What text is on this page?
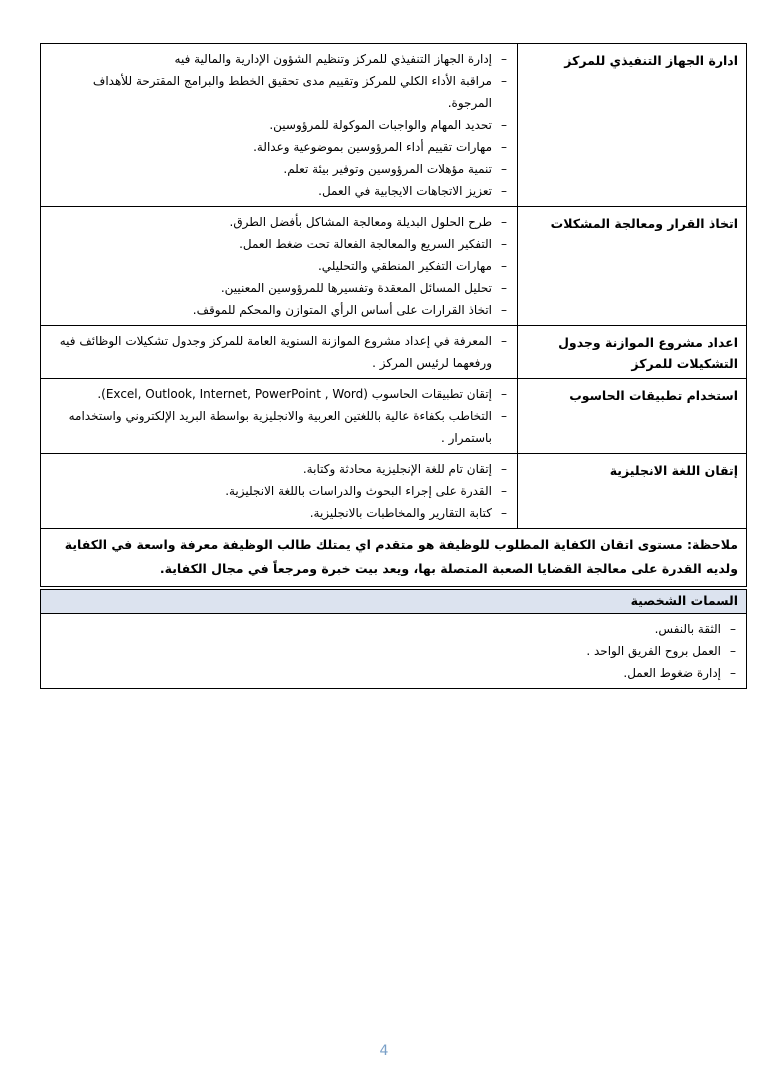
ادارة الجهاز التنفيذي للمركز	
–
إدارة الجهاز التنفيذي للمركز وتنظيم الشؤون الإدارية والمالية فيه
–
مراقبة الأداء الكلي للمركز وتقييم مدى تحقيق الخطط والبرامج المقترحة للأهداف المرجوة.
–
تحديد المهام والواجبات الموكولة للمرؤوسين.
–
مهارات تقييم أداء المرؤوسين بموضوعية وعدالة.
–
تنمية مؤهلات المرؤوسين وتوفير بيئة تعلم.
–
تعزيز الاتجاهات الايجابية في العمل.

اتخاذ القرار ومعالجة المشكلات	
–
طرح الحلول البديلة ومعالجة المشاكل بأفضل الطرق.
–
التفكير السريع والمعالجة الفعالة تحت ضغط العمل.
–
مهارات التفكير المنطقي والتحليلي.
–
تحليل المسائل المعقدة وتفسيرها للمرؤوسين المعنيين.
–
اتخاذ القرارات على أساس الرأي المتوازن والمحكم للموقف.

اعداد مشروع الموازنة وجدول التشكيلات للمركز	–
المعرفة في إعداد مشروع الموازنة السنوية العامة للمركز وجدول تشكيلات الوظائف فيه ورفعهما لرئيس المركز .

استخدام تطبيقات الحاسوب	–
إتقان تطبيقات الحاسوب (Excel, Outlook, Internet, PowerPoint , Word).
–
التخاطب بكفاءة عالية باللغتين العربية والانجليزية بواسطة البريد الإلكتروني واستخدامه باستمرار .

إتقان اللغة الانجليزية	
–
إتقان تام للغة الإنجليزية محادثة وكتابة.
–
القدرة على إجراء البحوث والدراسات باللغة الانجليزية.
–
كتابة التقارير والمخاطبات بالانجليزية.

ملاحظة: مستوى اتقان الكفاية المطلوب للوظيفة هو متقدم اي يمتلك طالب الوظيفة معرفة واسعة في الكفاية ولديه القدرة على معالجة القضايا الصعبة المتصلة بها، ويعد بيت خبرة ومرجعاً في مجال الكفاية.	
السمات الشخصية

–
الثقة بالنفس.
–
العمل بروح الفريق الواحد .
–
إدارة ضغوط العمل.
4
